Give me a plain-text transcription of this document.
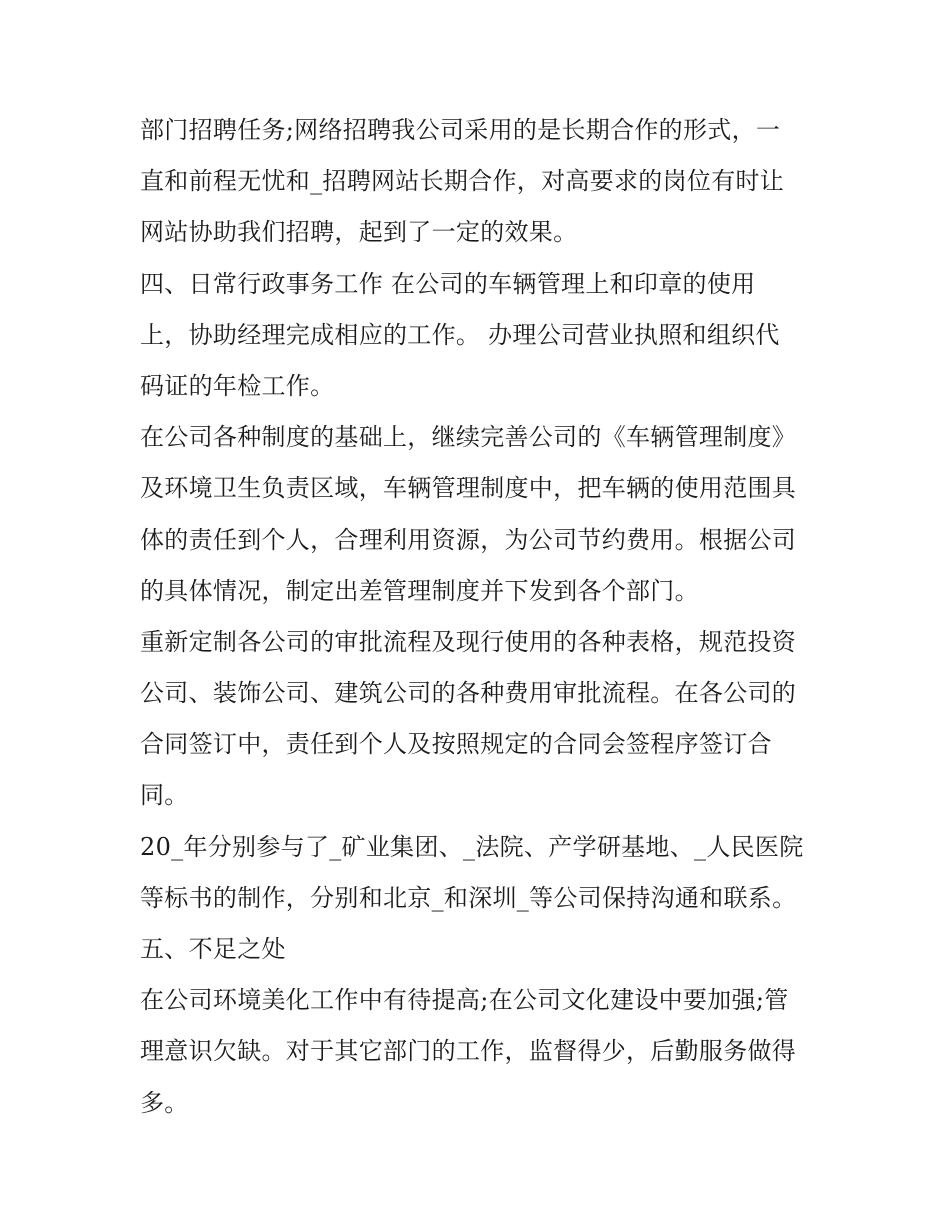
部门招聘任务;网络招聘我公司采用的是长期合作的形式，一
直和前程无忧和_招聘网站长期合作，对高要求的岗位有时让
网站协助我们招聘，起到了一定的效果。
四、日常行政事务工作 在公司的车辆管理上和印章的使用
上，协助经理完成相应的工作。 办理公司营业执照和组织代
码证的年检工作。
在公司各种制度的基础上，继续完善公司的《车辆管理制度》
及环境卫生负责区域，车辆管理制度中，把车辆的使用范围具
体的责任到个人，合理利用资源，为公司节约费用。根据公司
的具体情况，制定出差管理制度并下发到各个部门。
重新定制各公司的审批流程及现行使用的各种表格，规范投资
公司、装饰公司、建筑公司的各种费用审批流程。在各公司的
合同签订中，责任到个人及按照规定的合同会签程序签订合
同。
20_年分别参与了_矿业集团、_法院、产学研基地、_人民医院
等标书的制作，分别和北京_和深圳_等公司保持沟通和联系。
五、不足之处
在公司环境美化工作中有待提高;在公司文化建设中要加强;管
理意识欠缺。对于其它部门的工作，监督得少，后勤服务做得
多。
